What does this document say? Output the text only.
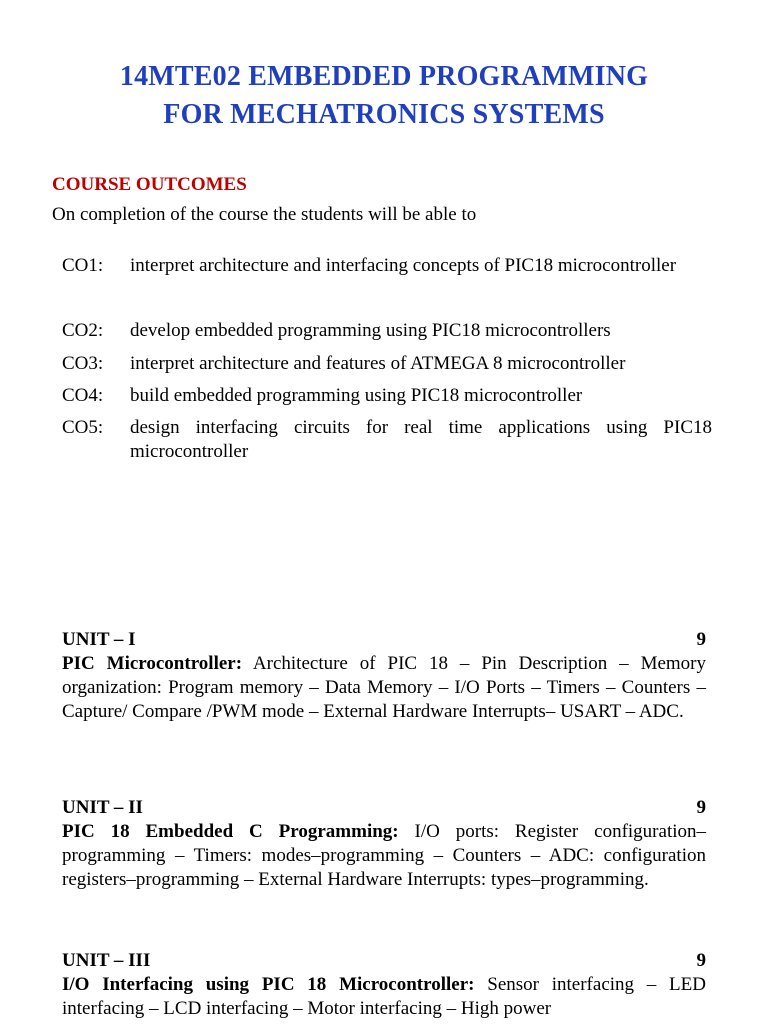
14MTE02 EMBEDDED PROGRAMMING
FOR MECHATRONICS SYSTEMS
COURSE OUTCOMES
On completion of the course the students will be able to
CO1: interpret architecture and interfacing concepts of PIC18 microcontroller
CO2: develop embedded programming using PIC18 microcontrollers
CO3: interpret architecture and features of ATMEGA 8 microcontroller
CO4: build embedded programming using PIC18 microcontroller
CO5: design interfacing circuits for real time applications using PIC18 microcontroller
UNIT – I	9
PIC Microcontroller: Architecture of PIC 18 – Pin Description – Memory organization: Program memory – Data Memory – I/O Ports – Timers – Counters – Capture/ Compare /PWM mode – External Hardware Interrupts– USART – ADC.
UNIT – II	9
PIC 18 Embedded C Programming: I/O ports: Register configuration– programming – Timers: modes–programming – Counters – ADC: configuration registers–programming – External Hardware Interrupts: types–programming.
UNIT – III	9
I/O Interfacing using PIC 18 Microcontroller: Sensor interfacing – LED interfacing – LCD interfacing – Motor interfacing – High power
